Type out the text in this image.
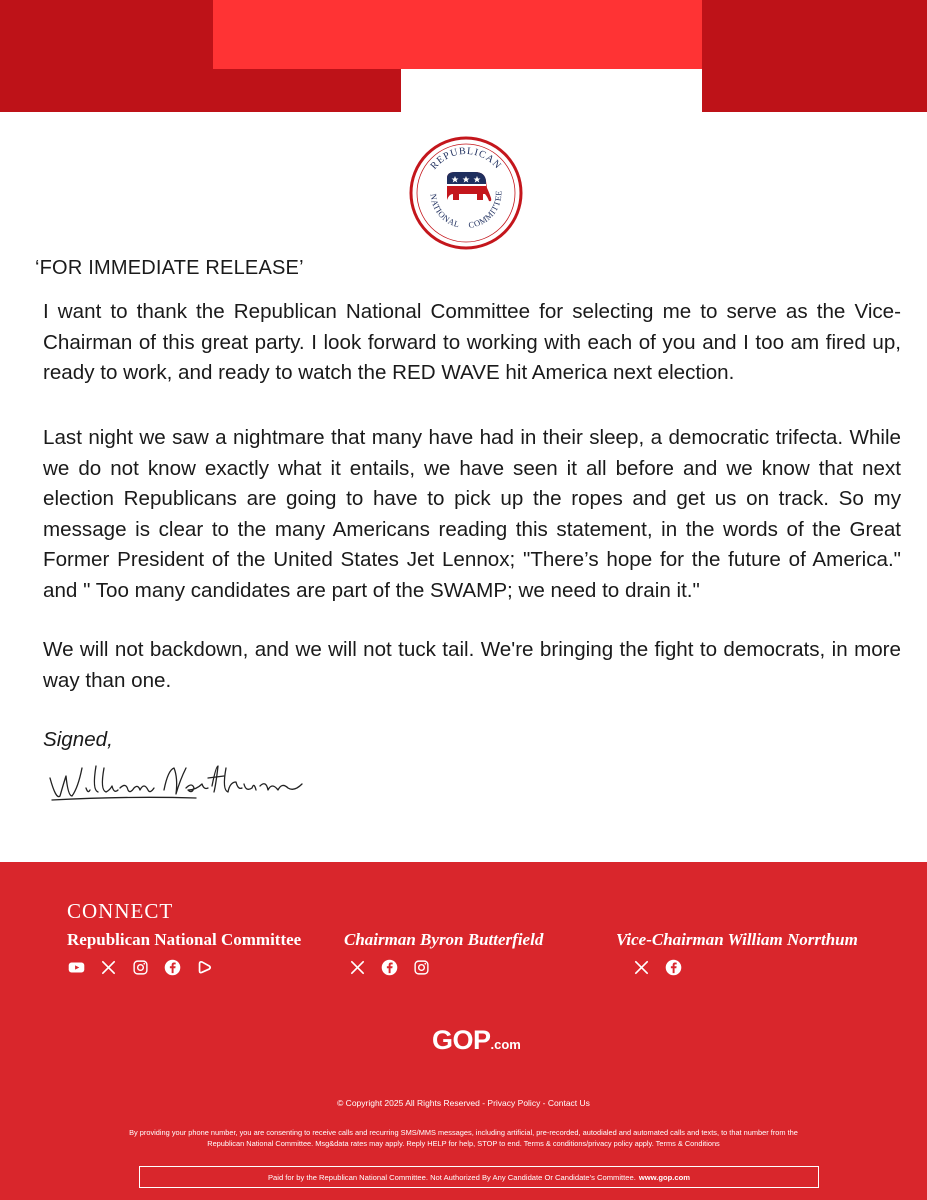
REPUBLICAN
NATIONAL COMMITTEE
‘FOR IMMEDIATE RELEASE’

I want to thank the Republican National Committee for selecting me to serve as the Vice-Chairman of this great party. I look forward to working with each of you and I too am fired up, ready to work, and ready to watch the RED WAVE hit America next election.

Last night we saw a nightmare that many have had in their sleep, a democratic trifecta. While we do not know exactly what it entails, we have seen it all before and we know that next election Republicans are going to have to pick up the ropes and get us on track. So my message is clear to the many Americans reading this statement, in the words of the Great Former President of the United States Jet Lennox; "There’s hope for the future of America." and " Too many candidates are part of the SWAMP; we need to drain it."

We will not backdown, and we will not tuck tail. We're bringing the fight to democrats, in more way than one.

Signed,
CONNECT
Republican National Committee	Chairman Byron Butterfield	Vice-Chairman William Norrthum
GOP.com
© Copyright 2025 All Rights Reserved - Privacy Policy - Contact Us
By providing your phone number, you are consenting to receive calls and recurring SMS/MMS messages, including artificial, pre-recorded, autodialed and automated calls and texts, to that number from the Republican National Committee. Msg&data rates may apply. Reply HELP for help, STOP to end. Terms & conditions/privacy policy apply. Terms & Conditions
Paid for by the Republican National Committee. Not Authorized By Any Candidate Or Candidate's Committee. www.gop.com
